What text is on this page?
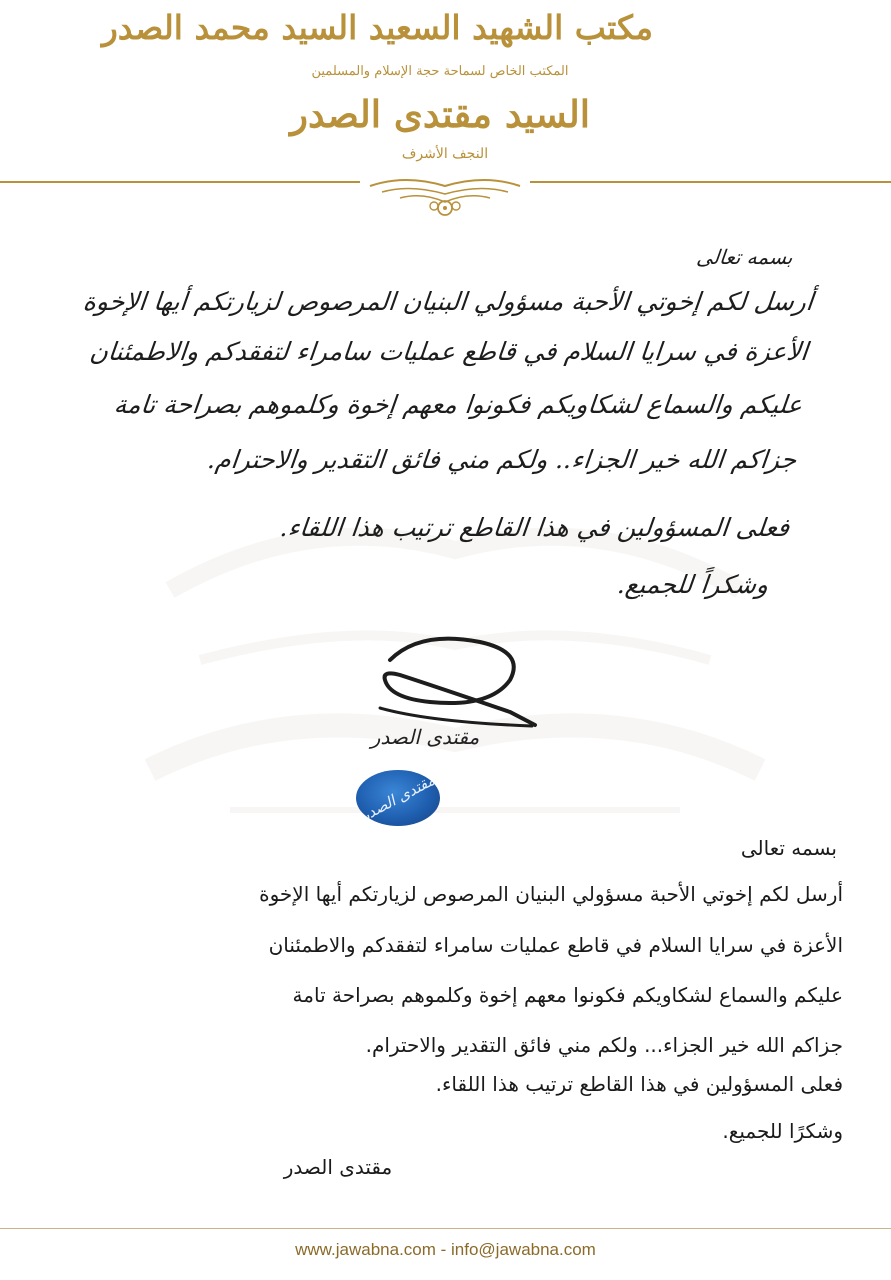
مكتب الشهيد السعيد السيد محمد الصدر
المكتب الخاص لسماحة حجة الإسلام والمسلمين
السيد مقتدى الصدر
النجف الأشرف
بسمه تعالى
أرسل لكم إخوتي الأحبة مسؤولي البنيان المرصوص لزيارتكم أيها الإخوة
الأعزة في سرايا السلام في قاطع عمليات سامراء لتفقدكم والاطمئنان
عليكم والسماع لشكاويكم فكونوا معهم إخوة وكلموهم بصراحة تامة
جزاكم الله خير الجزاء.. ولكم مني فائق التقدير والاحترام.
فعلى المسؤولين في هذا القاطع ترتيب هذا اللقاء.
وشكراً للجميع.
مقتدى الصدر
مقتدى الصدر
بسمه تعالى
أرسل لكم إخوتي الأحبة مسؤولي البنيان المرصوص لزيارتكم أيها الإخوة
الأعزة في سرايا السلام في قاطع عمليات سامراء لتفقدكم والاطمئنان
عليكم والسماع لشكاويكم فكونوا معهم إخوة وكلموهم بصراحة تامة
جزاكم الله خير الجزاء... ولكم مني فائق التقدير والاحترام.
فعلى المسؤولين في هذا القاطع ترتيب هذا اللقاء.
وشكرًا للجميع.
مقتدى الصدر
www.jawabna.com - info@jawabna.com
